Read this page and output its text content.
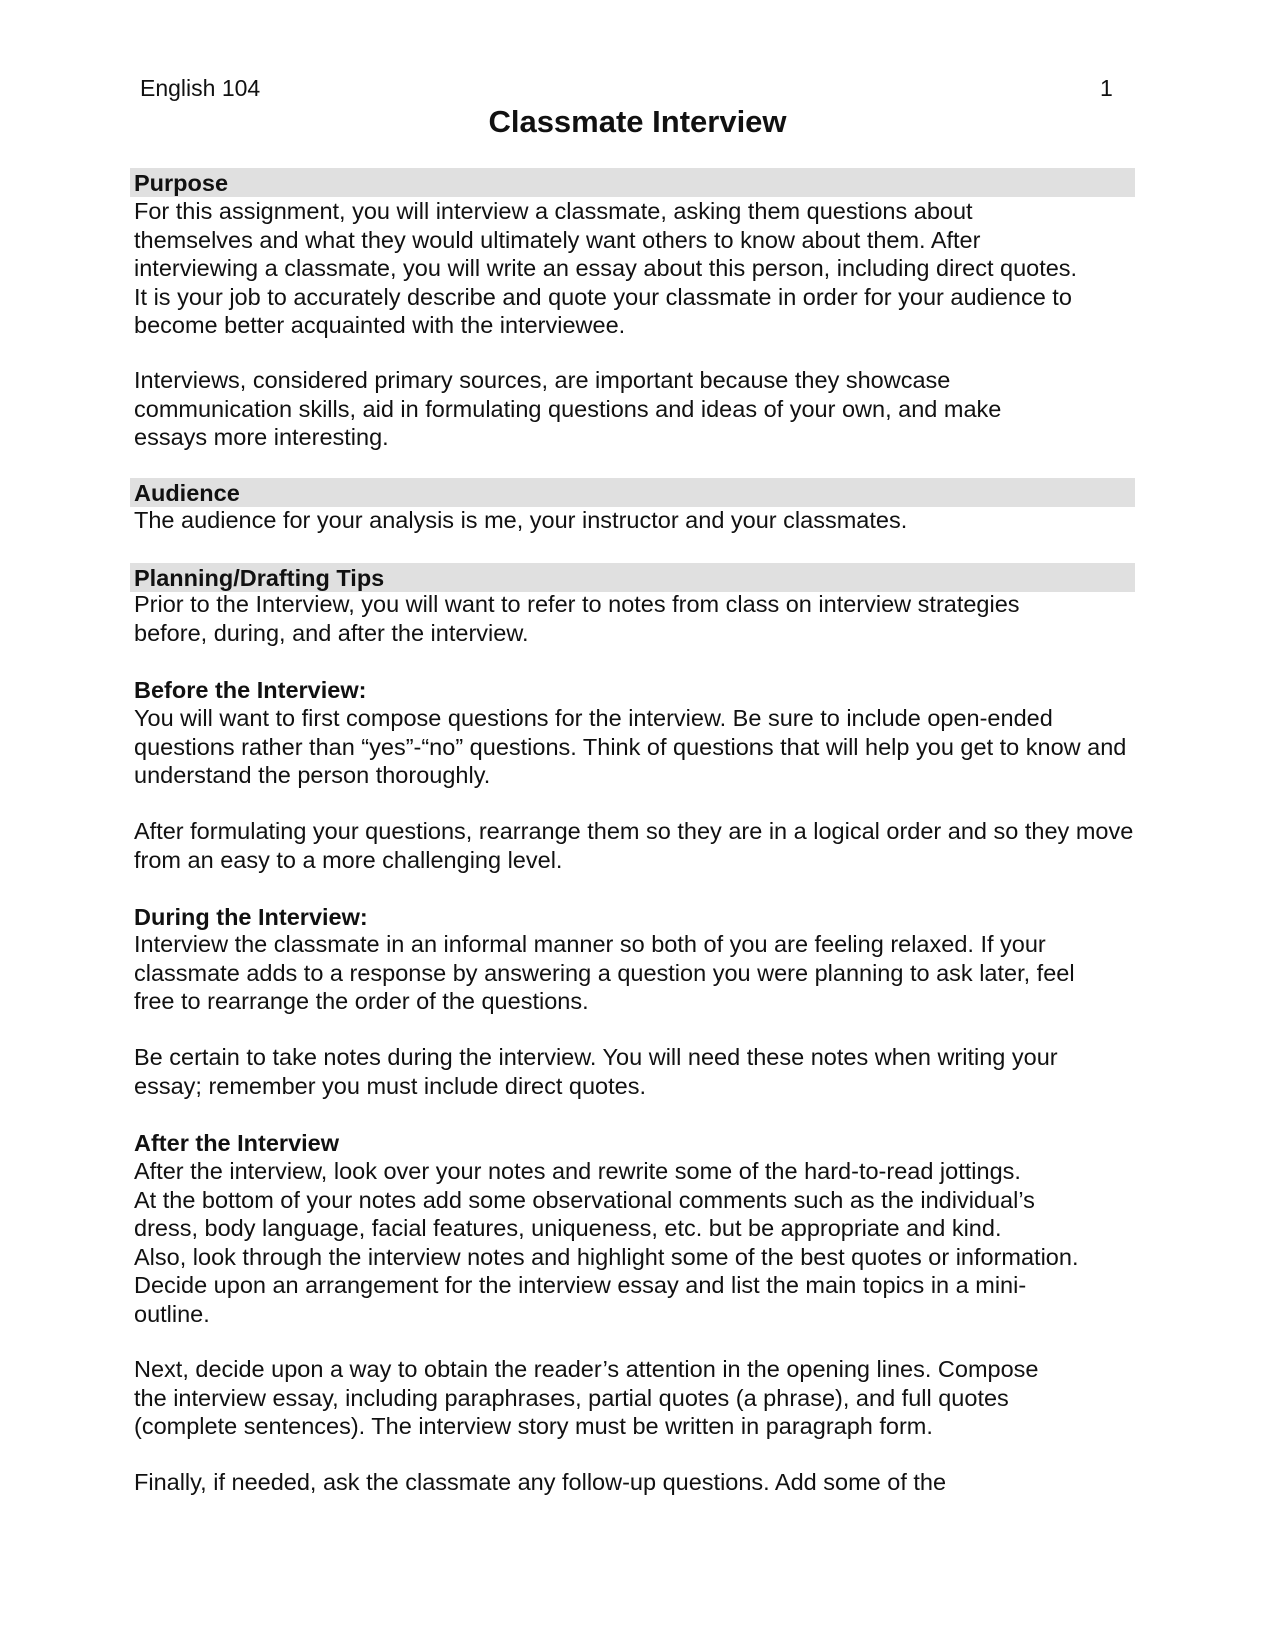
English 104	1
Classmate Interview
Purpose
For this assignment, you will interview a classmate, asking them questions about
themselves and what they would ultimately want others to know about them. After
interviewing a classmate, you will write an essay about this person, including direct quotes.
It is your job to accurately describe and quote your classmate in order for your audience to
become better acquainted with the interviewee.
Interviews, considered primary sources, are important because they showcase
communication skills, aid in formulating questions and ideas of your own, and make
essays more interesting.
Audience
The audience for your analysis is me, your instructor and your classmates.
Planning/Drafting Tips
Prior to the Interview, you will want to refer to notes from class on interview strategies
before, during, and after the interview.
Before the Interview:
You will want to first compose questions for the interview. Be sure to include open-ended
questions rather than “yes”-“no” questions. Think of questions that will help you get to know and
understand the person thoroughly.
After formulating your questions, rearrange them so they are in a logical order and so they move
from an easy to a more challenging level.
During the Interview:
Interview the classmate in an informal manner so both of you are feeling relaxed. If your
classmate adds to a response by answering a question you were planning to ask later, feel
free to rearrange the order of the questions.
Be certain to take notes during the interview. You will need these notes when writing your
essay; remember you must include direct quotes.
After the Interview
After the interview, look over your notes and rewrite some of the hard-to-read jottings.
At the bottom of your notes add some observational comments such as the individual’s
dress, body language, facial features, uniqueness, etc. but be appropriate and kind.
Also, look through the interview notes and highlight some of the best quotes or information.
Decide upon an arrangement for the interview essay and list the main topics in a mini-
outline.
Next, decide upon a way to obtain the reader’s attention in the opening lines. Compose
the interview essay, including paraphrases, partial quotes (a phrase), and full quotes
(complete sentences). The interview story must be written in paragraph form.
Finally, if needed, ask the classmate any follow-up questions. Add some of the
